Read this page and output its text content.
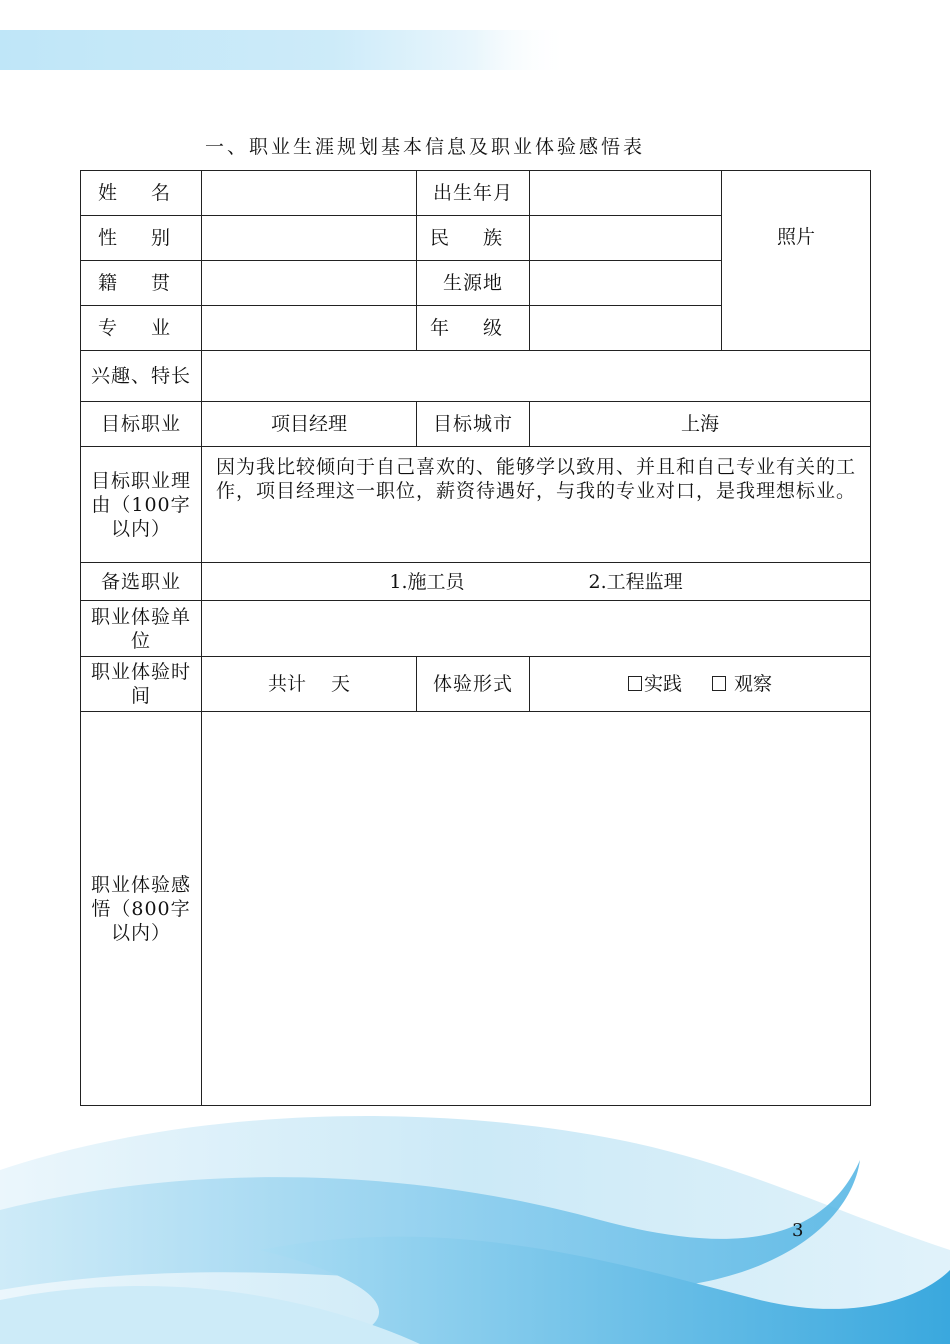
一、职业生涯规划基本信息及职业体验感悟表
姓 名		出生年月		照片
性 别		民 族		
籍 贯		生源地		
专 业		年 级		
兴趣、特长				
目标职业	项目经理	目标城市	上海	
目标职业理由（100字以内）	因为我比较倾向于自己喜欢的、能够学以致用、并且和自己专业有关的工作，项目经理这一职位，薪资待遇好，与我的专业对口，是我理想标业。			
备选职业	1.施工员 2.工程监理			
职业体验单位				
职业体验时间	共计　 天	体验形式	实践 观察	
职业体验感悟（800字以内）				
3
